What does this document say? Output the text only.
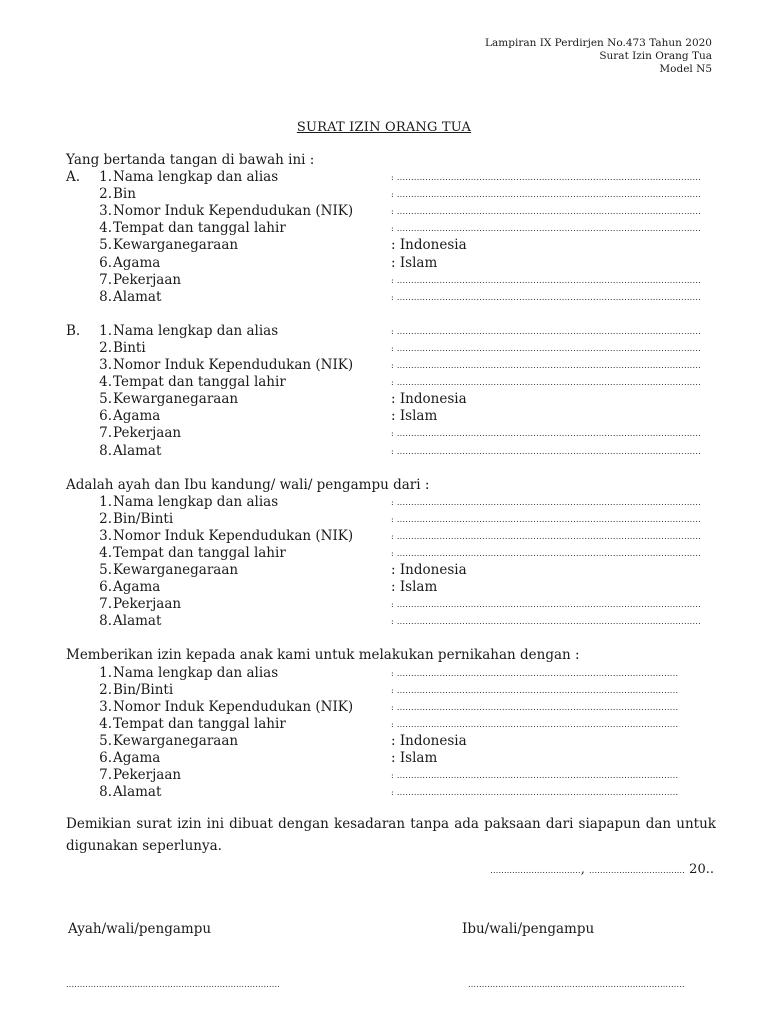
Lampiran IX Perdirjen No.473 Tahun 2020
Surat Izin Orang Tua
Model N5
SURAT IZIN ORANG TUA
Yang bertanda tangan di bawah ini :
A.	1. Nama lengkap dan alias	: ...........................................................................................................
2. Bin	: ...........................................................................................................
3. Nomor Induk Kependudukan (NIK)	: ...........................................................................................................
4. Tempat dan tanggal lahir	: ...........................................................................................................
5. Kewarganegaraan	: Indonesia
6. Agama	: Islam
7. Pekerjaan	: ...........................................................................................................
8. Alamat	: ...........................................................................................................
B.	1. Nama lengkap dan alias	: ...........................................................................................................
2. Binti	: ...........................................................................................................
3. Nomor Induk Kependudukan (NIK)	: ...........................................................................................................
4. Tempat dan tanggal lahir	: ...........................................................................................................
5. Kewarganegaraan	: Indonesia
6. Agama	: Islam
7. Pekerjaan	: ...........................................................................................................
8. Alamat	: ...........................................................................................................
Adalah ayah dan Ibu kandung/ wali/ pengampu dari :
1. Nama lengkap dan alias	: ...........................................................................................................
2. Bin/Binti	: ...........................................................................................................
3. Nomor Induk Kependudukan (NIK)	: ...........................................................................................................
4. Tempat dan tanggal lahir	: ...........................................................................................................
5. Kewarganegaraan	: Indonesia
6. Agama	: Islam
7. Pekerjaan	: ...........................................................................................................
8. Alamat	: ...........................................................................................................
Memberikan izin kepada anak kami untuk melakukan pernikahan dengan :
1. Nama lengkap dan alias	: ...................................................................................................
2. Bin/Binti	: ...................................................................................................
3. Nomor Induk Kependudukan (NIK)	: ...................................................................................................
4. Tempat dan tanggal lahir	: ...................................................................................................
5. Kewarganegaraan	: Indonesia
6. Agama	: Islam
7. Pekerjaan	: ...................................................................................................
8. Alamat	: ...................................................................................................
Demikian surat izin ini dibuat dengan kesadaran tanpa ada paksaan dari siapapun dan untuk digunakan seperlunya.
................................., ................................... 20..
Ayah/wali/pengampu	Ibu/wali/pengampu
..............................................................................	...............................................................................
